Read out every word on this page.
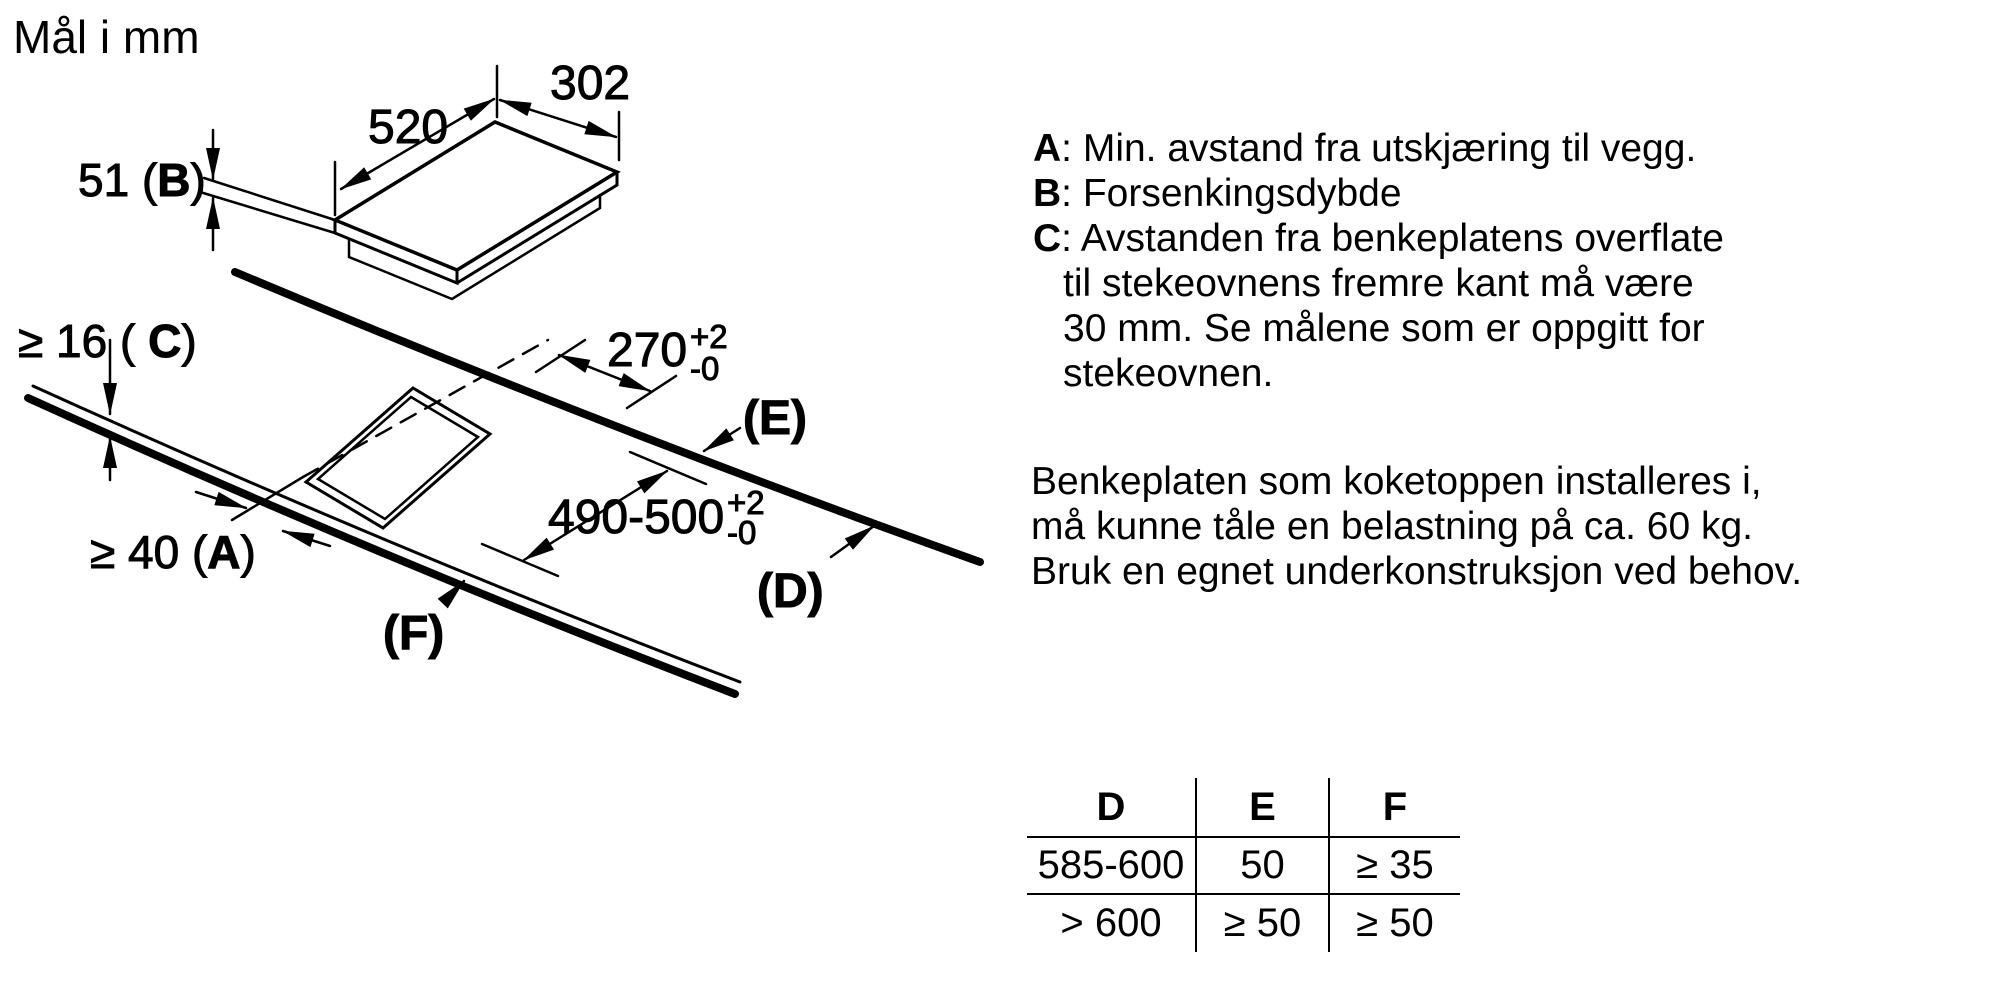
Mål i mm
520
302
51 (B)
≥ 16 ( C)
≥ 40 (A)
270 +2
-0
490-500 +2
-0
(E)
(D)
(F)
A: Min. avstand fra utskjæring til vegg.
B: Forsenkingsdybde
C: Avstanden fra benkeplatens overflate
til stekeovnens fremre kant må være
30 mm. Se målene som er oppgitt for
stekeovnen.
Benkeplaten som koketoppen installeres i,
må kunne tåle en belastning på ca. 60 kg.
Bruk en egnet underkonstruksjon ved behov.
D	E	F
585-600	50	≥ 35
> 600	≥ 50	≥ 50
